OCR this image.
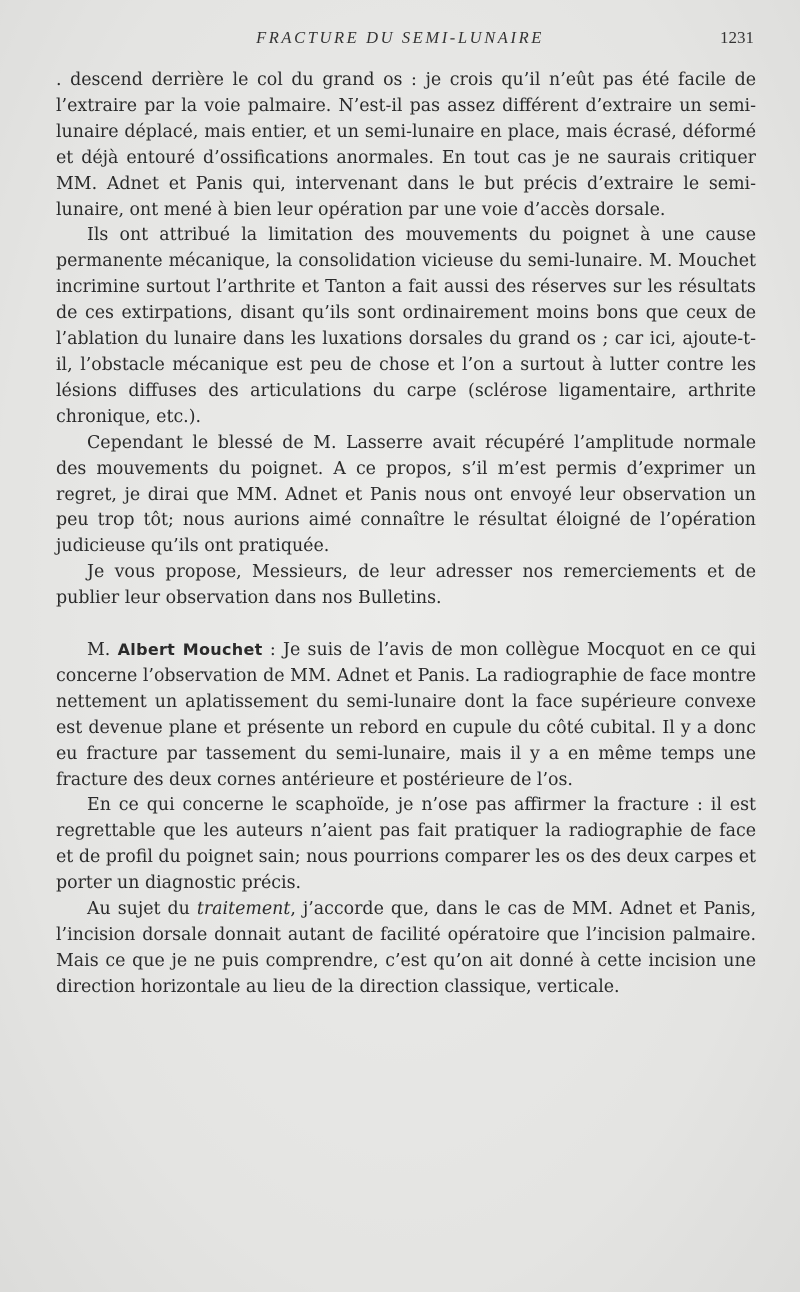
FRACTURE DU SEMI-LUNAIRE	1231

. descend derrière le col du grand os : je crois qu’il n’eût pas été facile de l’extraire par la voie palmaire. N’est-il pas assez différent d’extraire un semi-lunaire déplacé, mais entier, et un semi-lunaire en place, mais écrasé, déformé et déjà entouré d’ossifications anormales. En tout cas je ne saurais critiquer MM. Adnet et Panis qui, intervenant dans le but précis d’extraire le semi-lunaire, ont mené à bien leur opération par une voie d’accès dorsale.

Ils ont attribué la limitation des mouvements du poignet à une cause permanente mécanique, la consolidation vicieuse du semi-lunaire. M. Mouchet incrimine surtout l’arthrite et Tanton a fait aussi des réserves sur les résultats de ces extirpations, disant qu’ils sont ordinairement moins bons que ceux de l’ablation du lunaire dans les luxations dorsales du grand os ; car ici, ajoute-t-il, l’obstacle mécanique est peu de chose et l’on a surtout à lutter contre les lésions diffuses des articulations du carpe (sclérose ligamentaire, arthrite chronique, etc.).

Cependant le blessé de M. Lasserre avait récupéré l’amplitude normale des mouvements du poignet. A ce propos, s’il m’est permis d’exprimer un regret, je dirai que MM. Adnet et Panis nous ont envoyé leur observation un peu trop tôt; nous aurions aimé connaître le résultat éloigné de l’opération judicieuse qu’ils ont pratiquée.

Je vous propose, Messieurs, de leur adresser nos remerciements et de publier leur observation dans nos Bulletins.

M. Albert Mouchet : Je suis de l’avis de mon collègue Mocquot en ce qui concerne l’observation de MM. Adnet et Panis. La radiographie de face montre nettement un aplatissement du semi-lunaire dont la face supérieure convexe est devenue plane et présente un rebord en cupule du côté cubital. Il y a donc eu fracture par tassement du semi-lunaire, mais il y a en même temps une fracture des deux cornes antérieure et postérieure de l’os.

En ce qui concerne le scaphoïde, je n’ose pas affirmer la fracture : il est regrettable que les auteurs n’aient pas fait pratiquer la radiographie de face et de profil du poignet sain; nous pourrions comparer les os des deux carpes et porter un diagnostic précis.

Au sujet du traitement, j’accorde que, dans le cas de MM. Adnet et Panis, l’incision dorsale donnait autant de facilité opératoire que l’incision palmaire. Mais ce que je ne puis comprendre, c’est qu’on ait donné à cette incision une direction horizontale au lieu de la direction classique, verticale.
